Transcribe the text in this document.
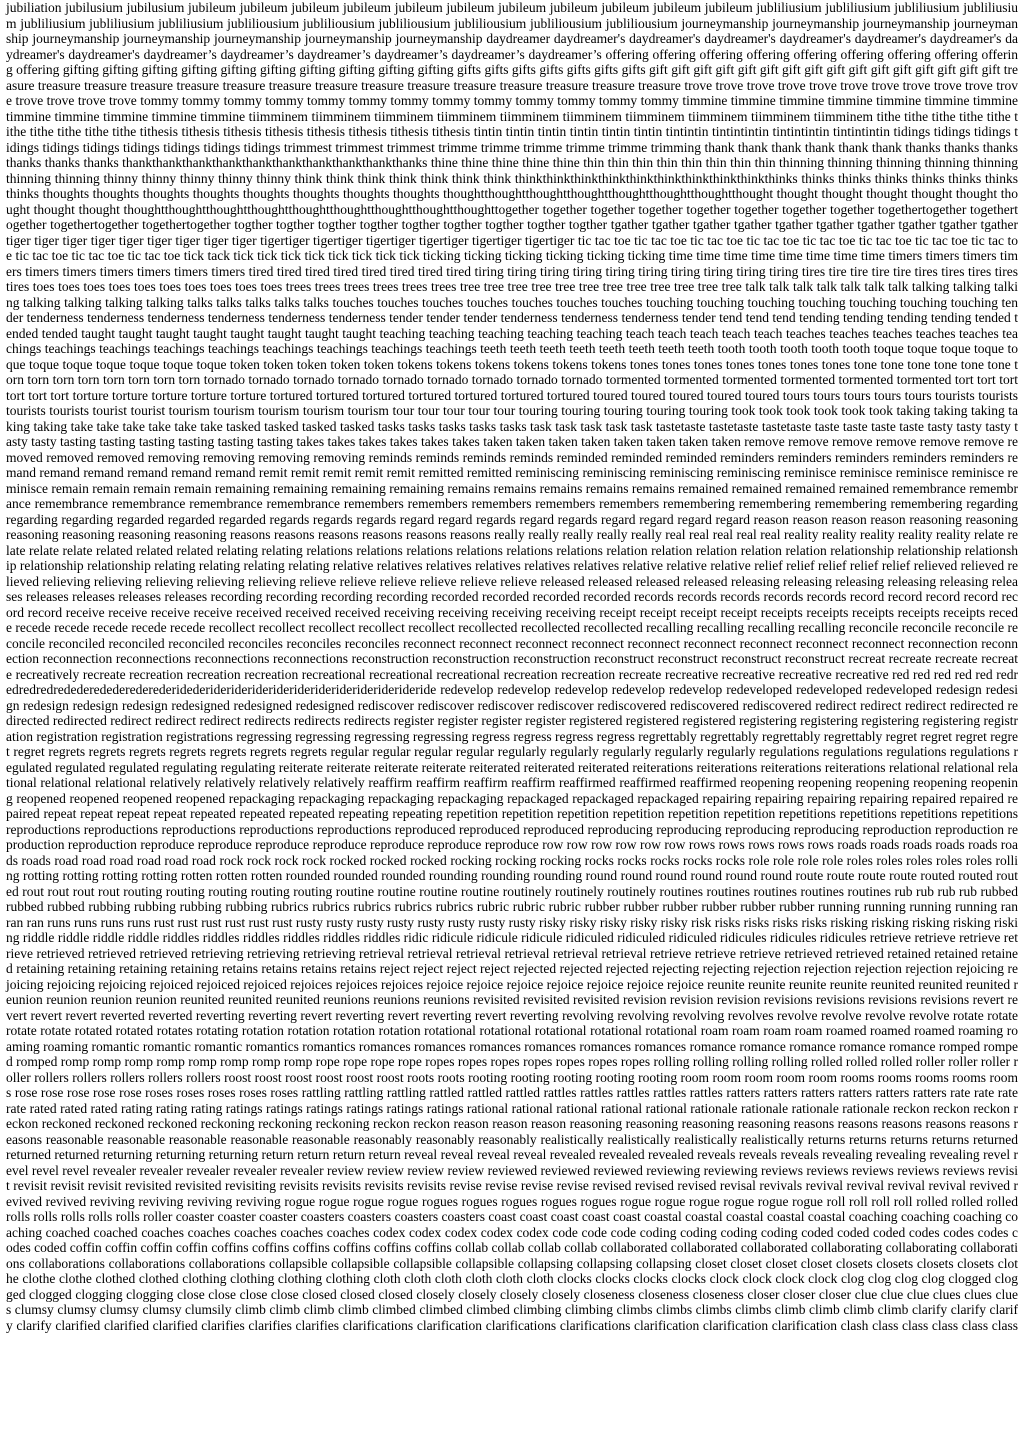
jubiliation jubilusium jubilusium jubileum jubileum jubileum jubileum jubileum jubileum jubileum jubileum jubileum jubileum jubileum jubliliusium jubliliusium jubliliusium jubliliusium jubliliusium jubliliusium jubliliusium jubliliousium jubliliousium jubliliousium jubliliousium jubliliousium jubliliousium journeymanship journeymanship journeymanship journeymanship journeymanship journeymanship journeymanship journeymanship journeymanship daydreamer daydreamer's daydreamer's daydreamer's daydreamer's daydreamer's daydreamer's daydreamer's daydreamer's daydreamer’s daydreamer’s daydreamer’s daydreamer’s daydreamer’s daydreamer’s offering offering offering offering offering offering offering offering offering offering gifting gifting gifting gifting gifting gifting gifting gifting gifting gifting gifts gifts gifts gifts gifts gifts gifts gift gift gift gift gift gift gift gift gift gift gift gift gift gift gift gift treasure treasure treasure treasure treasure treasure treasure treasure treasure treasure treasure treasure treasure treasure treasure trove trove trove trove trove trove trove trove trove trove trove trove trove trove trove tommy tommy tommy tommy tommy tommy tommy tommy tommy tommy tommy tommy tommy timmine timmine timmine timmine timmine timmine timmine timmine timmine timmine timmine timmine tiimminem tiimminem tiimminem tiimminem tiimminem tiimminem tiimminem tiimminem tiimminem tiimminem tithe tithe tithe tithe tithe tithe tithe tithe tithe tithe tithesis tithesis tithesis tithesis tithesis tithesis tithesis tithesis tintin tintin tintin tintin tintin tintin tintintin tintintintin tintintintin tintintintin tidings tidings tidings tidings tidings tidings tidings tidings tidings tidings trimmest trimmest trimmest trimme trimme trimme trimme trimme trimming thank thank thank thank thank thank thanks thanks thanks thanks thanks thanks thankthankthankthankthankthankthankthankthankthanks thine thine thine thine thine thin thin thin thin thin thin thin thin thinning thinning thinning thinning thinning thinning thinning thinny thinny thinny thinny thinny think think think think think think think thinkthinkthinkthinkthinkthinkthinkthinkthinkthinks thinks thinks thinks thinks thinks thinks thinks thoughts thoughts thoughts thoughts thoughts thoughts thoughts thoughts thoughtthoughtthoughtthoughtthoughtthoughtthoughtthought thought thought thought thought thought thought thought thought thoughtthoughtthoughtthoughtthoughtthoughtthoughtthoughtthoughttogether together together together together together together together togethertogether togethertogether togethertogether togethertogether togther togther togther togther togther togther togther togther togther tgather tgather tgather tgather tgather tgather tgather tgather tgather tgather tiger tiger tiger tiger tiger tiger tiger tiger tiger tigertiger tigertiger tigertiger tigertiger tigertiger tigertiger tic tac toe tic tac toe tic tac toe tic tac toe tic tac toe tic tac toe tic tac toe tic tac toe tic tac toe tic tac toe tic tac toe tick tack tick tick tick tick tick tick tick tick ticking ticking ticking ticking ticking ticking time time time time time time time time timers timers timers timers timers timers timers timers timers timers tired tired tired tired tired tired tired tired tiring tiring tiring tiring tiring tiring tiring tiring tiring tiring tires tire tire tire tire tires tires tires tires tires toes toes toes toes toes toes toes toes toes toes trees trees trees trees trees trees tree tree tree tree tree tree tree tree tree tree tree tree talk talk talk talk talk talk talk talking talking talking talking talking talking talking talks talks talks talks talks touches touches touches touches touches touches touches touching touching touching touching touching touching touching tender tenderness tenderness tenderness tenderness tenderness tenderness tender tender tender tenderness tenderness tenderness tender tend tend tend tending tending tending tending tended tended tended taught taught taught taught taught taught taught taught teaching teaching teaching teaching teaching teach teach teach teach teach teaches teaches teaches teaches teaches teachings teachings teachings teachings teachings teachings teachings teachings teachings teeth teeth teeth teeth teeth teeth teeth teeth tooth tooth tooth tooth tooth toque toque toque toque toque toque toque toque toque toque toque token token token token token tokens tokens tokens tokens tokens tokens tones tones tones tones tones tones tones tone tone tone tone tone tone torn torn torn torn torn torn torn torn tornado tornado tornado tornado tornado tornado tornado tornado tornado tormented tormented tormented tormented tormented tormented tort tort tort tort tort tort torture torture torture torture torture tortured tortured tortured tortured tortured tortured tortured toured toured toured toured toured tours tours tours tours tours tourists tourists tourists tourists tourist tourist tourism tourism tourism tourism tourism tour tour tour tour tour touring touring touring touring touring took took took took took took taking taking taking taking taking take take take take take take tasked tasked tasked tasked tasks tasks tasks tasks tasks task task task task task tastetaste tastetaste tastetaste taste taste taste taste tasty tasty tasty tasty tasty tasting tasting tasting tasting tasting tasting takes takes takes takes takes takes taken taken taken taken taken taken taken taken remove remove remove remove remove remove removed removed removed removing removing removing removing reminds reminds reminds reminds reminded reminded reminded reminders reminders reminders reminders reminders remand remand remand remand remand remand remit remit remit remit remit remitted remitted reminiscing reminiscing reminiscing reminiscing reminisce reminisce reminisce reminisce reminisce remain remain remain remain remaining remaining remaining remaining remains remains remains remains remains remained remained remained remained remembrance remembrance remembrance remembrance remembrance remembrance remembers remembers remembers remembers remembers remembering remembering remembering remembering regarding regarding regarding regarded regarded regarded regards regards regards regard regard regards regard regards regard regard regard regard reason reason reason reason reasoning reasoning reasoning reasoning reasoning reasoning reasons reasons reasons reasons reasons reasons really really really really really real real real real real reality reality reality reality reality relate relate relate relate related related related relating relating relations relations relations relations relations relations relation relation relation relation relation relationship relationship relationship relationship relationship relating relating relating relating relative relatives relatives relatives relatives relatives relative relative relative relief relief relief relief relief relieved relieved relieved relieving relieving relieving relieving relieving relieve relieve relieve relieve relieve relieve released released released released releasing releasing releasing releasing releasing releases releases releases releases releases recording recording recording recording recorded recorded recorded recorded records records records records records record record record record record record receive receive receive receive received received received receiving receiving receiving receiving receipt receipt receipt receipt receipts receipts receipts receipts receipts recede recede recede recede recede recede recollect recollect recollect recollect recollect recollected recollected recollected recalling recalling recalling recalling reconcile reconcile reconcile reconcile reconciled reconciled reconciled reconciles reconciles reconciles reconnect reconnect reconnect reconnect reconnect reconnect reconnect reconnect reconnect reconnection reconnection reconnection reconnections reconnections reconnections reconstruction reconstruction reconstruction reconstruct reconstruct reconstruct reconstruct recreat recreate recreate recreate recreatively recreate recreation recreation recreation recreational recreational recreational recreation recreation recreate recreative recreative recreative recreative red red red red red redredredredredederedederederederidederiderideriderideriderideriderideriderideride redevelop redevelop redevelop redevelop redevelop redeveloped redeveloped redeveloped redesign redesign redesign redesign redesign redesigned redesigned redesigned rediscover rediscover rediscover rediscover rediscovered rediscovered rediscovered redirect redirect redirect redirected redirected redirected redirect redirect redirect redirects redirects redirects register register register register registered registered registered registering registering registering registering registration registration registration registrations regressing regressing regressing regressing regress regress regress regress regrettably regrettably regrettably regrettably regret regret regret regret regret regrets regrets regrets regrets regrets regrets regrets regular regular regular regular regularly regularly regularly regularly regularly regulations regulations regulations regulations regulated regulated regulated regulating regulating reiterate reiterate reiterate reiterate reiterated reiterated reiterated reiterations reiterations reiterations reiterations relational relational relational relational relational relatively relatively relatively relatively reaffirm reaffirm reaffirm reaffirm reaffirmed reaffirmed reaffirmed reopening reopening reopening reopening reopening reopened reopened reopened reopened repackaging repackaging repackaging repackaging repackaged repackaged repackaged repairing repairing repairing repairing repaired repaired repaired repeat repeat repeat repeat repeated repeated repeated repeating repeating repetition repetition repetition repetition repetition repetition repetitions repetitions repetitions repetitions reproductions reproductions reproductions reproductions reproductions reproduced reproduced reproduced reproducing reproducing reproducing reproducing reproduction reproduction reproduction reproduction reproduce reproduce reproduce reproduce reproduce reproduce reproduce row row row row row row rows rows rows rows rows roads roads roads roads roads roads roads road road road road road road rock rock rock rock rocked rocked rocked rocking rocking rocking rocks rocks rocks rocks rocks role role role role roles roles roles roles roles rolling rotting rotting rotting rotting rotten rotten rotten rounded rounded rounded rounding rounding rounding round round round round round round route route route route routed routed routed rout rout rout rout routing routing routing routing routing routine routine routine routine routinely routinely routinely routines routines routines routines routines rub rub rub rub rubbed rubbed rubbed rubbing rubbing rubbing rubbing rubrics rubrics rubrics rubrics rubrics rubric rubric rubric rubber rubber rubber rubber rubber rubber running running running running ran ran ran runs runs runs runs rust rust rust rust rust rust rusty rusty rusty rusty rusty rusty rusty rusty risky risky risky risky risky risk risks risks risks risks risking risking risking risking risking riddle riddle riddle riddle riddles riddles riddles riddles riddles riddles ridic ridicule ridicule ridicule ridiculed ridiculed ridiculed ridicules ridicules ridicules retrieve retrieve retrieve retrieve retrieved retrieved retrieved retrieving retrieving retrieving retrieval retrieval retrieval retrieval retrieval retrieval retrieve retrieve retrieve retrieved retrieved retained retained retained retaining retaining retaining retaining retains retains retains retains reject reject reject reject rejected rejected rejected rejecting rejecting rejection rejection rejection rejection rejoicing rejoicing rejoicing rejoicing rejoiced rejoiced rejoiced rejoices rejoices rejoices rejoice rejoice rejoice rejoice rejoice rejoice rejoice reunite reunite reunite reunite reunited reunited reunited reunion reunion reunion reunion reunited reunited reunited reunions reunions reunions revisited revisited revisited revision revision revision revisions revisions revisions revisions revert revert revert revert reverted reverted reverting reverting revert reverting revert reverting revert reverting revolving revolving revolving revolves revolve revolve revolve revolve rotate rotate rotate rotate rotated rotated rotates rotating rotation rotation rotation rotation rotational rotational rotational rotational rotational roam roam roam roam roamed roamed roamed roaming roaming roaming romantic romantic romantic romantics romantics romances romances romances romances romances romances romance romance romance romance romance romped romped romped romp romp romp romp romp romp romp romp rope rope rope rope ropes ropes ropes ropes ropes ropes ropes rolling rolling rolling rolling rolled rolled rolled roller roller roller roller rollers rollers rollers rollers rollers roost roost roost roost roost roost roots roots rooting rooting rooting rooting rooting room room room room room rooms rooms rooms rooms rooms rose rose rose rose rose roses roses roses roses roses rattling rattling rattling rattled rattled rattled rattles rattles rattles rattles rattles ratters ratters ratters ratters ratters ratters rate rate rate rate rated rated rated rating rating rating ratings ratings ratings ratings ratings ratings rational rational rational rational rational rationale rationale rationale rationale reckon reckon reckon reckon reckoned reckoned reckoned reckoning reckoning reckoning reckon reckon reason reason reason reasoning reasoning reasoning reasoning reasons reasons reasons reasons reasons reasons reasonable reasonable reasonable reasonable reasonable reasonably reasonably reasonably realistically realistically realistically realistically returns returns returns returns returned returned returned returning returning returning return return return return reveal reveal reveal reveal revealed revealed revealed reveals reveals reveals revealing revealing revealing revel revel revel revel revealer revealer revealer revealer revealer review review review review reviewed reviewed reviewed reviewing reviewing reviews reviews reviews reviews reviews revisit revisit revisit revisit revisited revisited revisiting revisits revisits revisits revisits revise revise revise revise revised revised revised revisal revivals revival revival revival revival revived revived revived reviving reviving reviving reviving rogue rogue rogue rogue rogues rogues rogues rogues rogues rogue rogue rogue rogue rogue rogue roll roll roll roll rolled rolled rolled rolls rolls rolls rolls rolls roller coaster coaster coaster coasters coasters coasters coasters coast coast coast coast coast coastal coastal coastal coastal coastal coaching coaching coaching coaching coached coached coaches coaches coaches coaches coaches codex codex codex codex codex code code code coding coding coding coding coded coded coded codes codes codes codes coded coffin coffin coffin coffin coffins coffins coffins coffins coffins coffins collab collab collab collab collaborated collaborated collaborated collaborating collaborating collaborations collaborations collaborations collaborations collapsible collapsible collapsible collapsible collapsing collapsing collapsing closet closet closet closet closets closets closets closets clothe clothe clothe clothed clothed clothing clothing clothing clothing cloth cloth cloth cloth cloth cloth clocks clocks clocks clocks clock clock clock clock clog clog clog clog clogged clogged clogged clogging clogging close close close close closed closed closed closely closely closely closely closeness closeness closeness closer closer closer clue clue clue clues clues clues clumsy clumsy clumsy clumsy clumsily climb climb climb climb climbed climbed climbed climbing climbing climbs climbs climbs climbs climb climb climb climb clarify clarify clarify clarify clarified clarified clarified clarifies clarifies clarifies clarifications clarification clarifications clarifications clarification clarification clarification clash class class class class class
